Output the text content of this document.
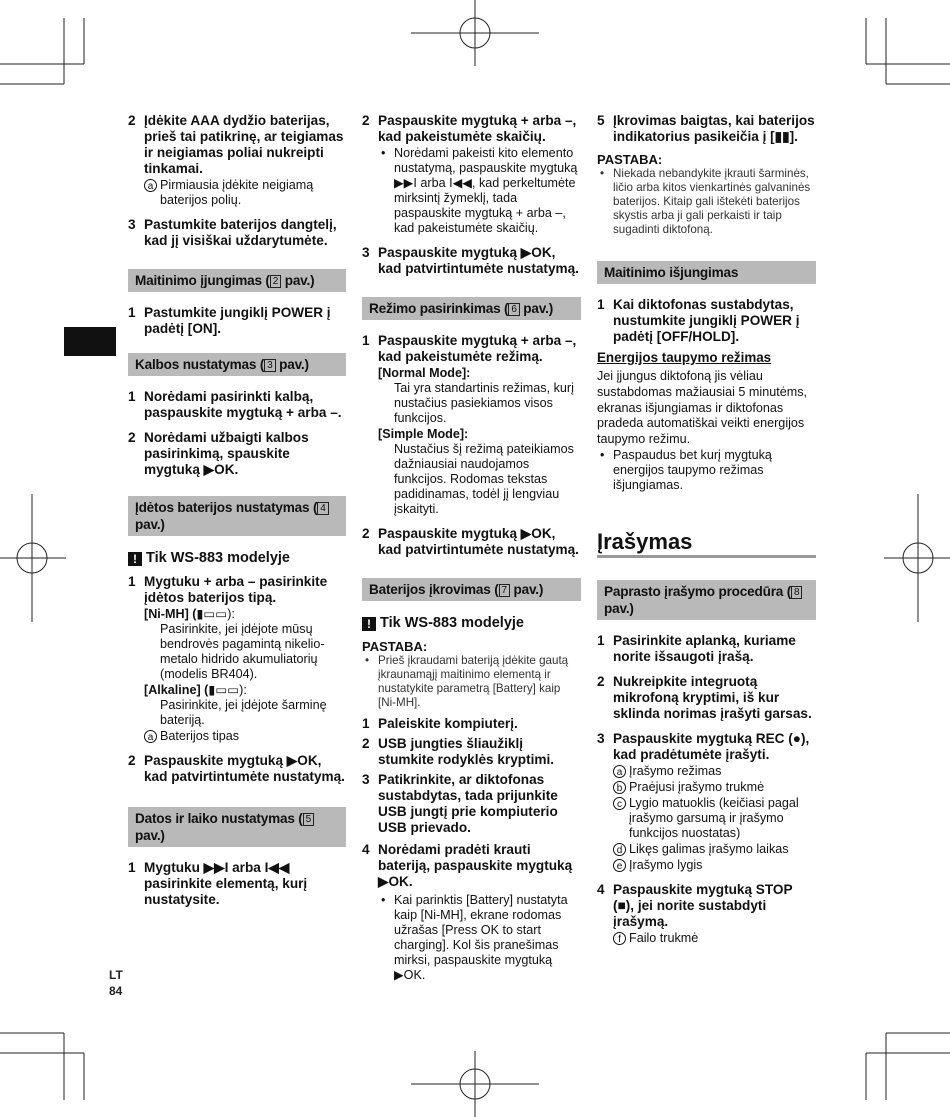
2 Įdėkite AAA dydžio baterijas, prieš tai patikrinę, ar teigiamas ir neigiamas poliai nukreipti tinkamai.
a Pirmiausia įdėkite neigiamą baterijos polių.
3 Pastumkite baterijos dangtelį, kad jį visiškai uždarytumėte.
Maitinimo įjungimas ( 2 pav.)
1 Pastumkite jungiklį POWER į padėtį [ON].
Kalbos nustatymas ( 3 pav.)
1 Norėdami pasirinkti kalbą, paspauskite mygtuką + arba –.
2 Norėdami užbaigti kalbos pasirinkimą, spauskite mygtuką ▶OK.
Įdėtos baterijos nustatymas ( 4 pav.)
! Tik WS-883 modelyje
1 Mygtuku + arba – pasirinkite įdėtos baterijos tipą.
[Ni-MH] (▮▭▭):
Pasirinkite, jei įdėjote mūsų bendrovės pagamintą nikelio-metalo hidrido akumuliatorių (modelis BR404).
[Alkaline] (▮▭▭):
Pasirinkite, jei įdėjote šarminę bateriją.
a Baterijos tipas
2 Paspauskite mygtuką ▶OK, kad patvirtintumėte nustatymą.
Datos ir laiko nustatymas ( 5 pav.)
1 Mygtuku ▶▶I arba I◀◀ pasirinkite elementą, kurį nustatysite.
2 Paspauskite mygtuką + arba –, kad pakeistumėte skaičių.
• Norėdami pakeisti kito elemento nustatymą, paspauskite mygtuką ▶▶I arba I◀◀, kad perkeltumėte mirksintį žymeklį, tada paspauskite mygtuką + arba –, kad pakeistumėte skaičių.
3 Paspauskite mygtuką ▶OK, kad patvirtintumėte nustatymą.
Režimo pasirinkimas ( 6 pav.)
1 Paspauskite mygtuką + arba –, kad pakeistumėte režimą.
[Normal Mode]:
Tai yra standartinis režimas, kurį nustačius pasiekiamos visos funkcijos.
[Simple Mode]:
Nustačius šį režimą pateikiamos dažniausiai naudojamos funkcijos. Rodomas tekstas padidinamas, todėl jį lengviau įskaityti.
2 Paspauskite mygtuką ▶OK, kad patvirtintumėte nustatymą.
Baterijos įkrovimas ( 7 pav.)
! Tik WS-883 modelyje
PASTABA:
• Prieš įkraudami bateriją įdėkite gautą įkraunamąjį maitinimo elementą ir nustatykite parametrą [Battery] kaip [Ni-MH].
1 Paleiskite kompiuterį.
2 USB jungties šliaužiklį stumkite rodyklės kryptimi.
3 Patikrinkite, ar diktofonas sustabdytas, tada prijunkite USB jungtį prie kompiuterio USB prievado.
4 Norėdami pradėti krauti bateriją, paspauskite mygtuką ▶OK.
• Kai parinktis [Battery] nustatyta kaip [Ni-MH], ekrane rodomas užrašas [Press OK to start charging]. Kol šis pranešimas mirksi, paspauskite mygtuką ▶OK.
5 Įkrovimas baigtas, kai baterijos indikatorius pasikeičia į [▮▮].
PASTABA:
• Niekada nebandykite įkrauti šarminės, ličio arba kitos vienkartinės galvaninės baterijos. Kitaip gali ištekėti baterijos skystis arba ji gali perkaisti ir taip sugadinti diktofoną.
Maitinimo išjungimas
1 Kai diktofonas sustabdytas, nustumkite jungiklį POWER į padėtį [OFF/HOLD].
Energijos taupymo režimas
Jei įjungus diktofoną jis vėliau sustabdomas mažiausiai 5 minutėms, ekranas išjungiamas ir diktofonas pradeda automatiškai veikti energijos taupymo režimu.
• Paspaudus bet kurį mygtuką energijos taupymo režimas išjungiamas.
Įrašymas
Paprasto įrašymo procedūra ( 8 pav.)
1 Pasirinkite aplanką, kuriame norite išsaugoti įrašą.
2 Nukreipkite integruotą mikrofoną kryptimi, iš kur sklinda norimas įrašyti garsas.
3 Paspauskite mygtuką REC (●), kad pradėtumėte įrašyti.
a Įrašymo režimas
b Praėjusi įrašymo trukmė
c Lygio matuoklis (keičiasi pagal įrašymo garsumą ir įrašymo funkcijos nuostatas)
d Likęs galimas įrašymo laikas
e Įrašymo lygis
4 Paspauskite mygtuką STOP (■), jei norite sustabdyti įrašymą.
f Failo trukmė
LT
84
